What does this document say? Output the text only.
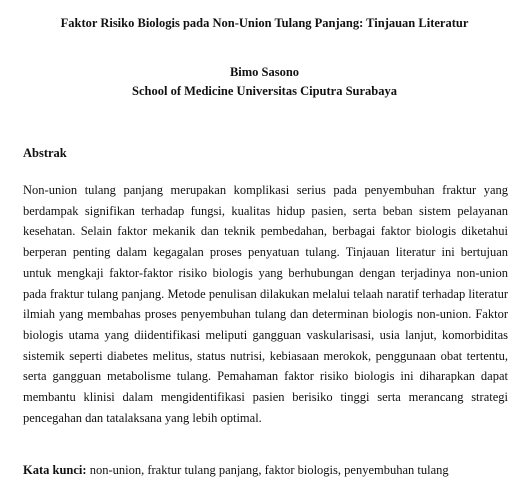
Faktor Risiko Biologis pada Non-Union Tulang Panjang: Tinjauan Literatur
Bimo Sasono
School of Medicine Universitas Ciputra Surabaya
Abstrak
Non-union tulang panjang merupakan komplikasi serius pada penyembuhan fraktur yang berdampak signifikan terhadap fungsi, kualitas hidup pasien, serta beban sistem pelayanan kesehatan. Selain faktor mekanik dan teknik pembedahan, berbagai faktor biologis diketahui berperan penting dalam kegagalan proses penyatuan tulang. Tinjauan literatur ini bertujuan untuk mengkaji faktor-faktor risiko biologis yang berhubungan dengan terjadinya non-union pada fraktur tulang panjang. Metode penulisan dilakukan melalui telaah naratif terhadap literatur ilmiah yang membahas proses penyembuhan tulang dan determinan biologis non-union. Faktor biologis utama yang diidentifikasi meliputi gangguan vaskularisasi, usia lanjut, komorbiditas sistemik seperti diabetes melitus, status nutrisi, kebiasaan merokok, penggunaan obat tertentu, serta gangguan metabolisme tulang. Pemahaman faktor risiko biologis ini diharapkan dapat membantu klinisi dalam mengidentifikasi pasien berisiko tinggi serta merancang strategi pencegahan dan tatalaksana yang lebih optimal.
Kata kunci: non-union, fraktur tulang panjang, faktor biologis, penyembuhan tulang
